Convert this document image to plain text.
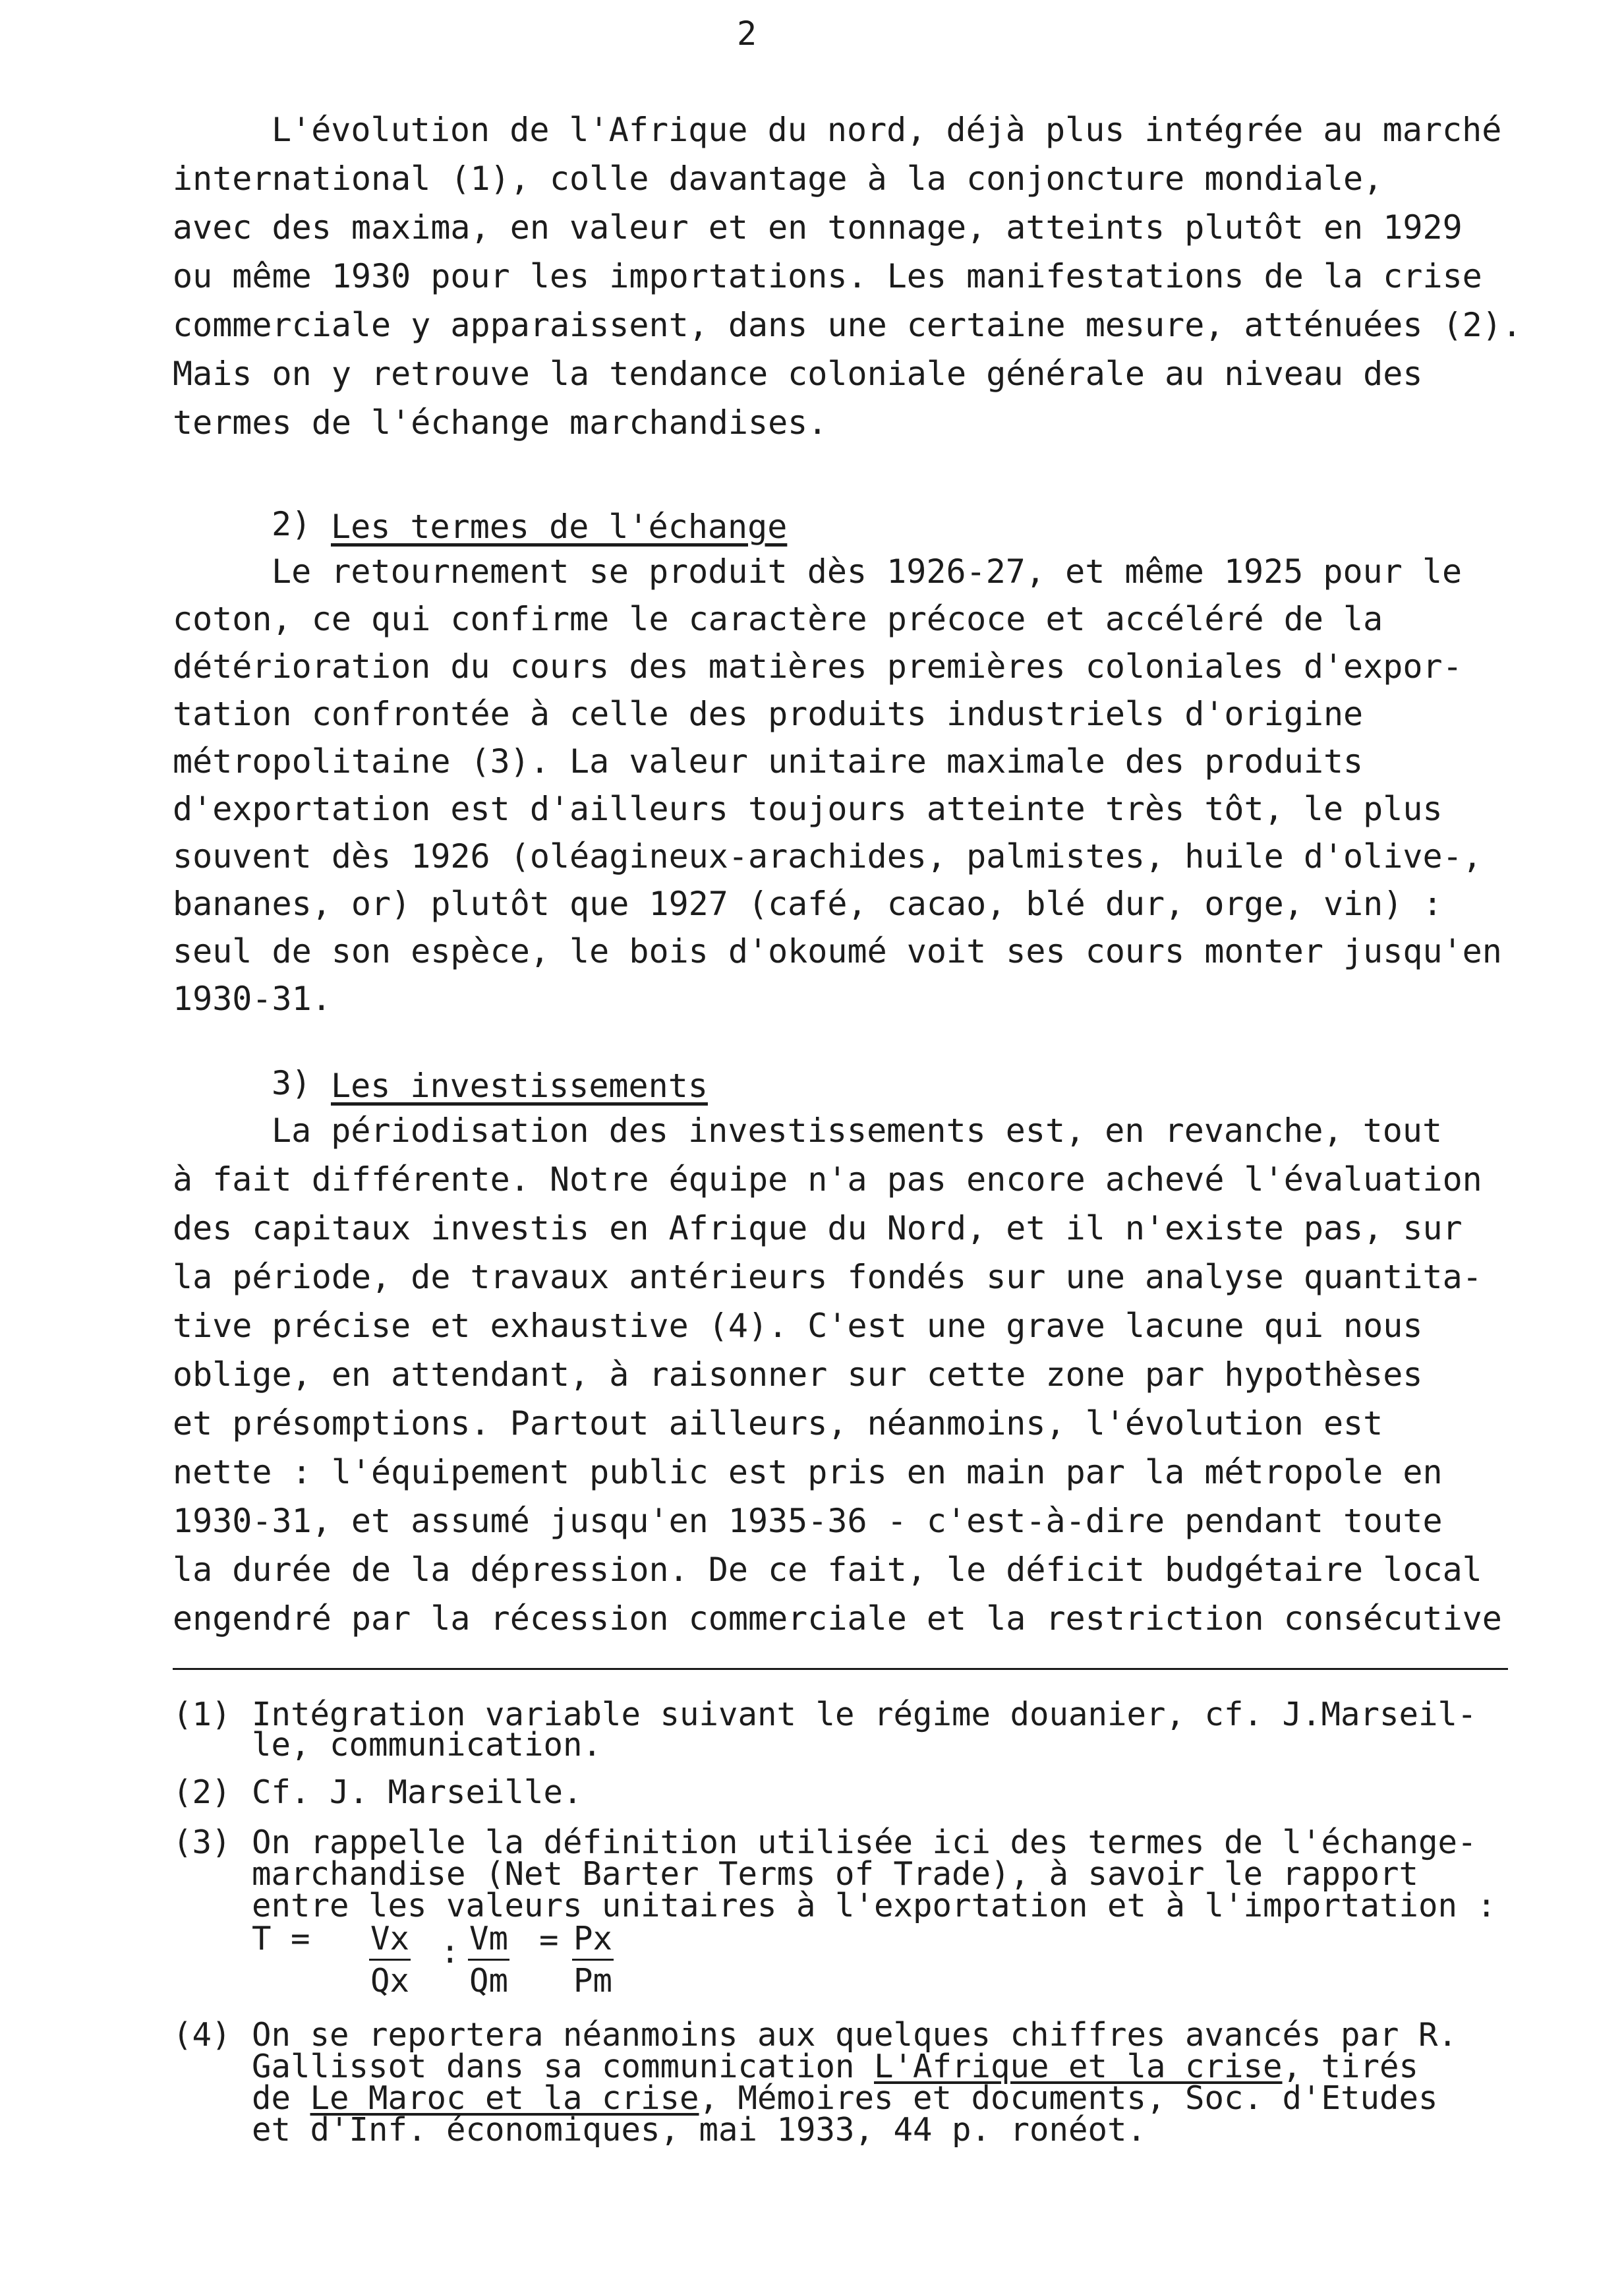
2
L'évolution de l'Afrique du nord, déjà plus intégrée au marché
international (1), colle davantage à la conjoncture mondiale,
avec des maxima, en valeur et en tonnage, atteints plutôt en 1929
ou même 1930 pour les importations. Les manifestations de la crise
commerciale y apparaissent, dans une certaine mesure, atténuées (2).
Mais on y retrouve la tendance coloniale générale au niveau des
termes de l'échange marchandises.
2) Les termes de l'échange
Le retournement se produit dès 1926-27, et même 1925 pour le
coton, ce qui confirme le caractère précoce et accéléré de la
détérioration du cours des matières premières coloniales d'expor-
tation confrontée à celle des produits industriels d'origine
métropolitaine (3). La valeur unitaire maximale des produits
d'exportation est d'ailleurs toujours atteinte très tôt, le plus
souvent dès 1926 (oléagineux-arachides, palmistes, huile d'olive-,
bananes, or) plutôt que 1927 (café, cacao, blé dur, orge, vin) :
seul de son espèce, le bois d'okoumé voit ses cours monter jusqu'en
1930-31.
3) Les investissements
La périodisation des investissements est, en revanche, tout
à fait différente. Notre équipe n'a pas encore achevé l'évaluation
des capitaux investis en Afrique du Nord, et il n'existe pas, sur
la période, de travaux antérieurs fondés sur une analyse quantita-
tive précise et exhaustive (4). C'est une grave lacune qui nous
oblige, en attendant, à raisonner sur cette zone par hypothèses
et présomptions. Partout ailleurs, néanmoins, l'évolution est
nette : l'équipement public est pris en main par la métropole en
1930-31, et assumé jusqu'en 1935-36 - c'est-à-dire pendant toute
la durée de la dépression. De ce fait, le déficit budgétaire local
engendré par la récession commerciale et la restriction consécutive
(1) Intégration variable suivant le régime douanier, cf. J.Marseil-
le, communication.
(2) Cf. J. Marseille.
(3) On rappelle la définition utilisée ici des termes de l'échange-
marchandise (Net Barter Terms of Trade), à savoir le rapport
entre les valeurs unitaires à l'exportation et à l'importation :
$T = \frac{Vx}{Qx}$ : $\frac{Vm}{Qm} = \frac{Px}{Pm}$
(4) On se reportera néanmoins aux quelques chiffres avancés par R.
Gallissot dans sa communication L'Afrique et la crise, tirés
de Le Maroc et la crise, Mémoires et documents, Soc. d'Etudes
et d'Inf. économiques, mai 1933, 44 p. ronéot.
